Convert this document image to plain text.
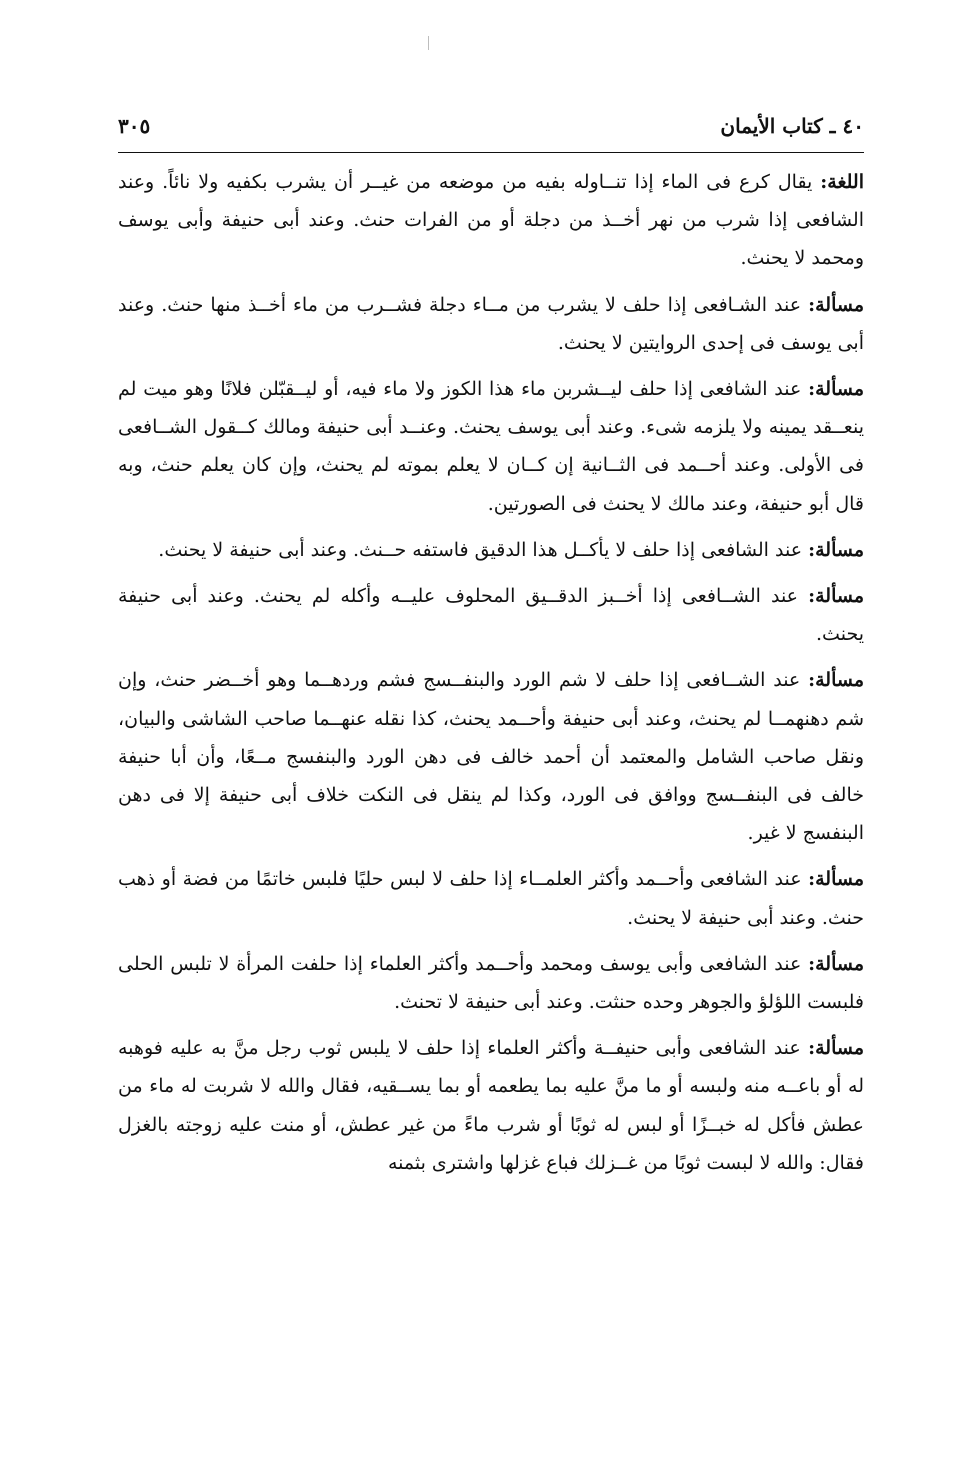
٤٠ ـ كتاب الأيمان
٣٠٥

اللغة: يقال كرع فى الماء إذا تنــاوله بفيه من موضعه من غيــر أن يشرب بكفيه ولا نائاً. وعند الشافعى إذا شرب من نهر أخــذ من دجلة أو من الفرات حنث. وعند أبى حنيفة وأبى يوسف ومحمد لا يحنث.

مسألة: عند الشـافعى إذا حلف لا يشرب من مــاء دجلة فشــرب من ماء أخــذ منها حنث. وعند أبى يوسف فى إحدى الروايتين لا يحنث.

مسألة: عند الشافعى إذا حلف ليــشربن ماء هذا الكوز ولا ماء فيه، أو ليــقبّلن فلانًا وهو ميت لم ينعــقد يمينه ولا يلزمه شىء. وعند أبى يوسف يحنث. وعنــد أبى حنيفة ومالك كــقول الشــافعى فى الأولى. وعند أحــمد فى الثــانية إن كــان لا يعلم بموته لم يحنث، وإن كان يعلم حنث، وبه قال أبو حنيفة، وعند مالك لا يحنث فى الصورتين.

مسألة: عند الشافعى إذا حلف لا يأكــل هذا الدقيق فاستفه حــنث. وعند أبى حنيفة لا يحنث.

مسألة: عند الشــافعى إذا أخــبز الدقــيق المحلوف عليــه وأكله لم يحنث. وعند أبى حنيفة يحنث.

مسألة: عند الشــافعى إذا حلف لا شم الورد والبنفــسج فشم وردهــما وهو أخــضر حنث، وإن شم دهنهمــا لم يحنث، وعند أبى حنيفة وأحــمد يحنث، كذا نقله عنهــما صاحب الشاشى والبيان، ونقل صاحب الشامل والمعتمد أن أحمد خالف فى دهن الورد والبنفسج مــعًا، وأن أبا حنيفة خالف فى البنفــسج ووافق فى الورد، وكذا لم ينقل فى النكت خلاف أبى حنيفة إلا فى دهن البنفسج لا غير.

مسألة: عند الشافعى وأحــمد وأكثر العلمــاء إذا حلف لا لبس حليًا فلبس خاتمًا من فضة أو ذهب حنث. وعند أبى حنيفة لا يحنث.

مسألة: عند الشافعى وأبى يوسف ومحمد وأحــمد وأكثر العلماء إذا حلفت المرأة لا تلبس الحلى فلبست اللؤلؤ والجوهر وحده حنثت. وعند أبى حنيفة لا تحنث.

مسألة: عند الشافعى وأبى حنيفــة وأكثر العلماء إذا حلف لا يلبس ثوب رجل منَّ به عليه فوهبه له أو باعــه منه ولبسه أو ما منَّ عليه بما يطعمه أو بما يســقيه، فقال والله لا شربت له ماء من عطش فأكل له خبــزًا أو لبس له ثوبًا أو شرب ماءً من غير عطش، أو منت عليه زوجته بالغزل فقال: والله لا لبست ثوبًا من غــزلك فباع غزلها واشترى بثمنه
